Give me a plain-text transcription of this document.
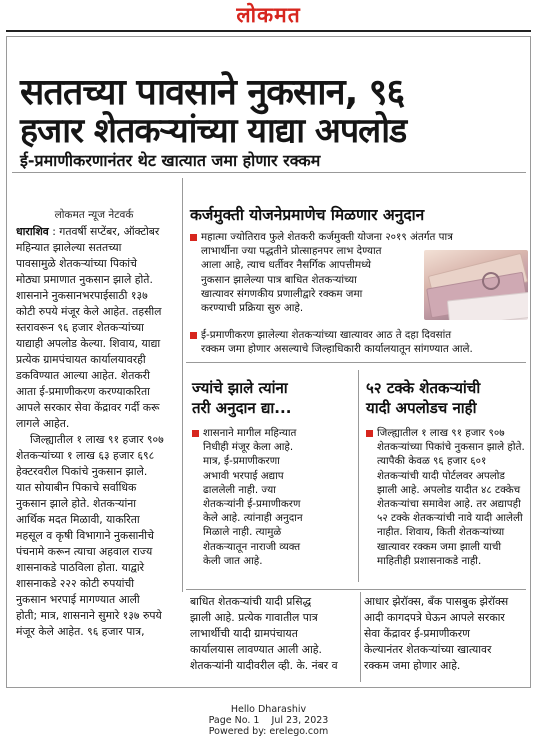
लोकमत
सततच्या पावसाने नुकसान, ९६
हजार शेतकऱ्यांच्या याद्या अपलोड
ई-प्रमाणीकरणानंतर थेट खात्यात जमा होणार रक्कम
लोकमत न्यूज नेटवर्क
धाराशिव : गतवर्षी सप्टेंबर, ऑक्टोबर
महिन्यात झालेल्या सततच्या
पावसामुळे शेतकऱ्यांच्या पिकांचे
मोठ्या प्रमाणात नुकसान झाले होते.
शासनाने नुकसानभरपाईसाठी १३७
कोटी रुपये मंजूर केले आहेत. तहसील
स्तरावरून ९६ हजार शेतकऱ्यांच्या
याद्याही अपलोड केल्या. शिवाय, याद्या
प्रत्येक ग्रामपंचायत कार्यालयावरही
डकविण्यात आल्या आहेत. शेतकरी
आता ई-प्रमाणीकरण करण्याकरिता
आपले सरकार सेवा केंद्रावर गर्दी करू
लागले आहेत.
जिल्ह्यातील १ लाख ९१ हजार ९०७
शेतकऱ्यांच्या १ लाख ६३ हजार ६९८
हेक्टरवरील पिकांचे नुकसान झाले.
यात सोयाबीन पिकाचे सर्वाधिक
नुकसान झाले होते. शेतकऱ्यांना
आर्थिक मदत मिळावी, याकरिता
महसूल व कृषी विभागाने नुकसानीचे
पंचनामे करून त्याचा अहवाल राज्य
शासनाकडे पाठविला होता. याद्वारे
शासनाकडे २२२ कोटी रुपयांची
नुकसान भरपाई मागण्यात आली
होती; मात्र, शासनाने सुमारे १३७ रुपये
मंजूर केले आहेत. ९६ हजार पात्र,
कर्जमुक्ती योजनेप्रमाणेच मिळणार अनुदान
महात्मा ज्योतिराव फुले शेतकरी कर्जमुक्ती योजना २०१९ अंतर्गत पात्र
लाभार्थीना ज्या पद्धतीने प्रोत्साहनपर लाभ देण्यात
आला आहे, त्याच धर्तीवर नैसर्गिक आपत्तीमध्ये
नुकसान झालेल्या पात्र बाधित शेतकऱ्यांच्या
खात्यावर संगणकीय प्रणालीद्वारे रक्कम जमा
करण्याची प्रक्रिया सुरु आहे.
ई-प्रमाणीकरण झालेल्या शेतकऱ्यांच्या खात्यावर आठ ते दहा दिवसांत
रक्कम जमा होणार असल्याचे जिल्हाधिकारी कार्यालयातून सांगण्यात आले.
ज्यांचे झाले त्यांना
तरी अनुदान द्या...
शासनाने मागील महिन्यात
निधीही मंजूर केला आहे.
मात्र, ई-प्रमाणीकरणा
अभावी भरपाई अद्याप
ढाललेली नाही. ज्या
शेतकऱ्यांनी ई-प्रमाणीकरण
केले आहे. त्यांनाही अनुदान
मिळाले नाही. त्यामुळे
शेतकऱ्यातून नाराजी व्यक्त
केली जात आहे.
५२ टक्के शेतकऱ्यांची
यादी अपलोडच नाही
जिल्ह्यातील १ लाख ९१ हजार ९०७
शेतकऱ्यांच्या पिकांचे नुकसान झाले होते.
त्यापैकी केवळ ९६ हजार ६०१
शेतकऱ्यांची यादी पोर्टलवर अपलोड
झाली आहे. अपलोड यादीत ४८ टक्केच
शेतकऱ्यांचा समावेश आहे. तर अद्यापही
५२ टक्के शेतकऱ्यांची नावे यादी आलेली
नाहीत. शिवाय, किती शेतकऱ्यांच्या
खात्यावर रक्कम जमा झाली याची
माहितीही प्रशासनाकडे नाही.
बाधित शेतकऱ्यांची यादी प्रसिद्ध
झाली आहे. प्रत्येक गावातील पात्र
लाभार्थीची यादी ग्रामपंचायत
कार्यालयास लावण्यात आली आहे.
शेतकऱ्यांनी यादीवरील व्ही. के. नंबर व
आधार झेरॉक्स, बँक पासबुक झेरॉक्स
आदी कागदपत्रे घेऊन आपले सरकार
सेवा केंद्रावर ई-प्रमाणीकरण
केल्यानंतर शेतकऱ्यांच्या खात्यावर
रक्कम जमा होणार आहे.
Hello Dharashiv
Page No. 1    Jul 23, 2023
Powered by: erelego.com
